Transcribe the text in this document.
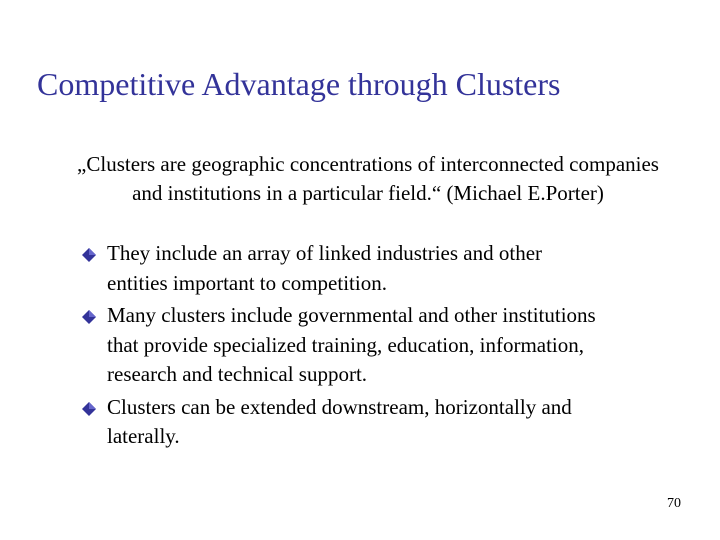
Competitive Advantage through Clusters

„Clusters are geographic concentrations of interconnected companies
and institutions in a particular field.“ (Michael E.Porter)

They include an array of linked industries and other
entities important to competition.
Many clusters include governmental and other institutions
that provide specialized training, education, information,
research and technical support.
Clusters can be extended downstream, horizontally and
laterally.
70
